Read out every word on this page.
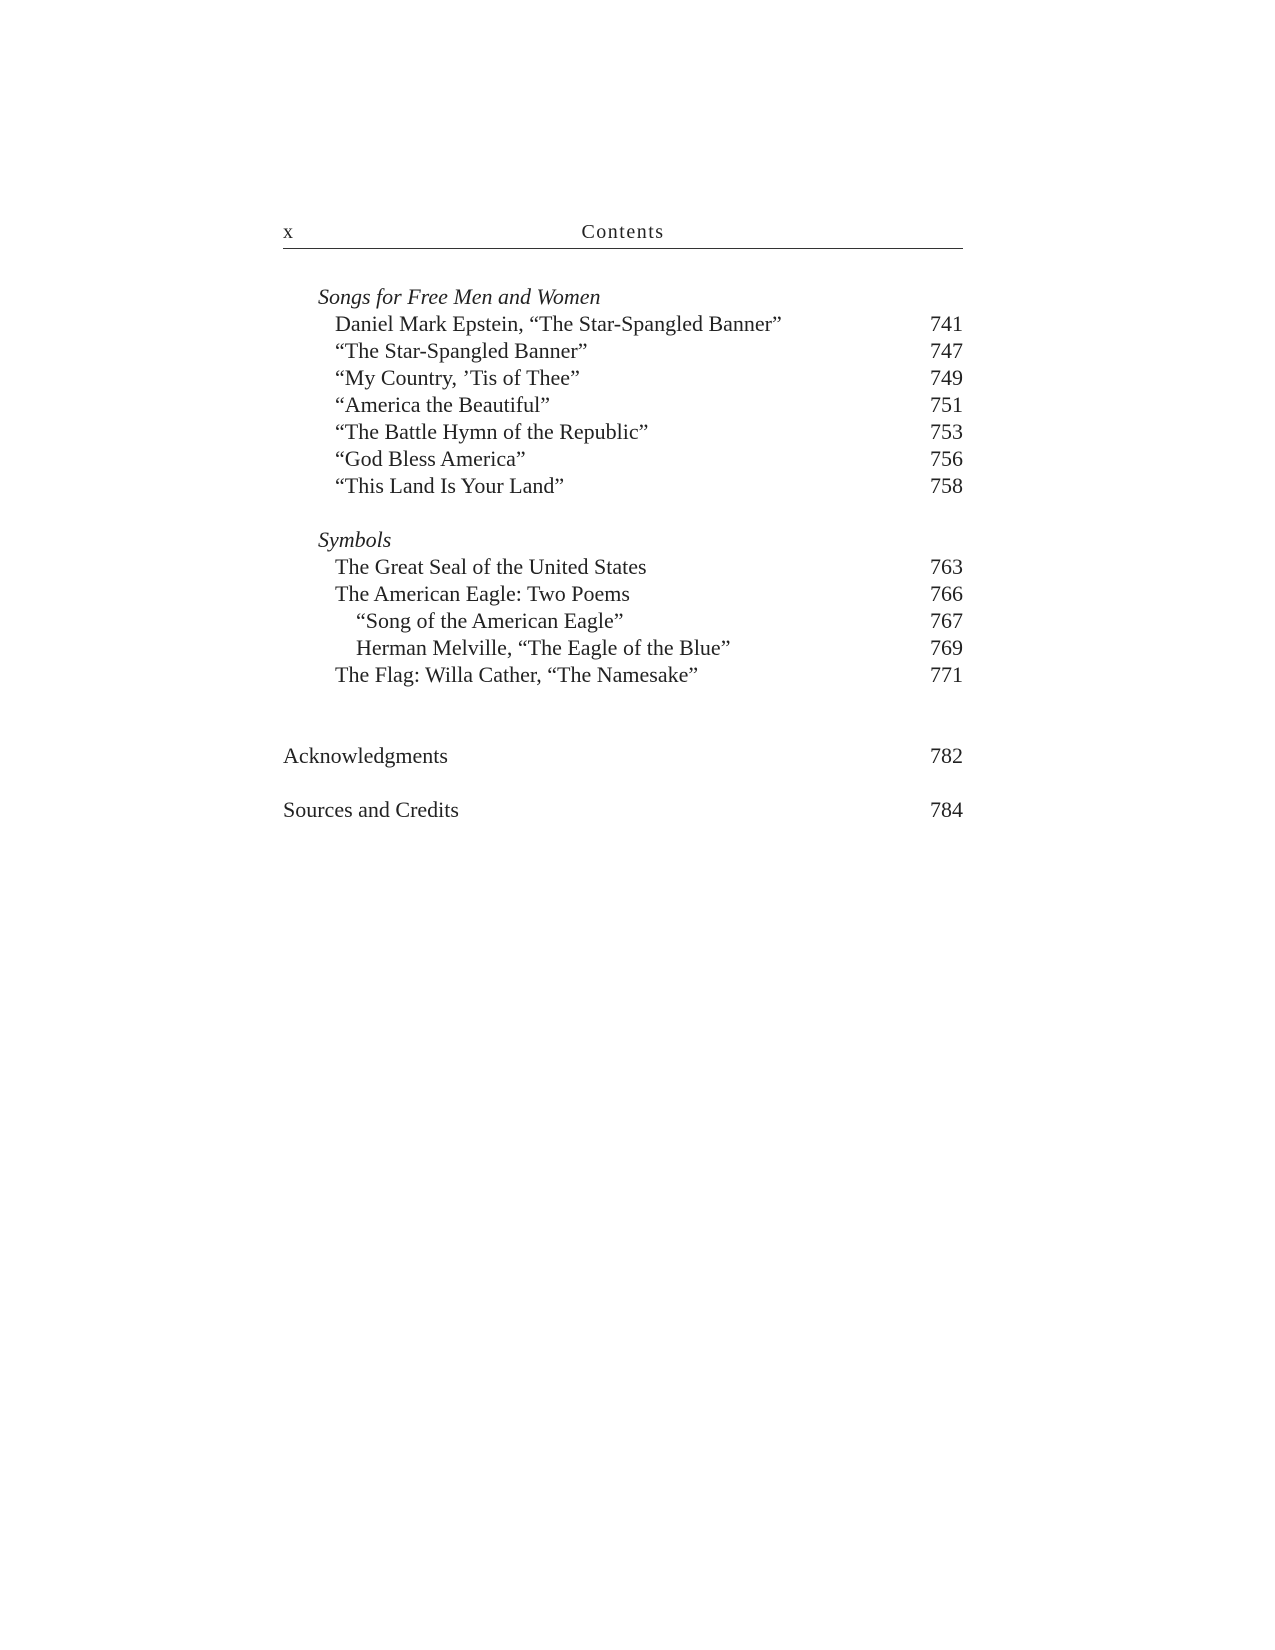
x	Contents
Songs for Free Men and Women
Daniel Mark Epstein, “The Star-Spangled Banner”	741
“The Star-Spangled Banner”	747
“My Country, ’Tis of Thee”	749
“America the Beautiful”	751
“The Battle Hymn of the Republic”	753
“God Bless America”	756
“This Land Is Your Land”	758
Symbols
The Great Seal of the United States	763
The American Eagle: Two Poems	766
“Song of the American Eagle”	767
Herman Melville, “The Eagle of the Blue”	769
The Flag: Willa Cather, “The Namesake”	771
Acknowledgments	782
Sources and Credits	784
